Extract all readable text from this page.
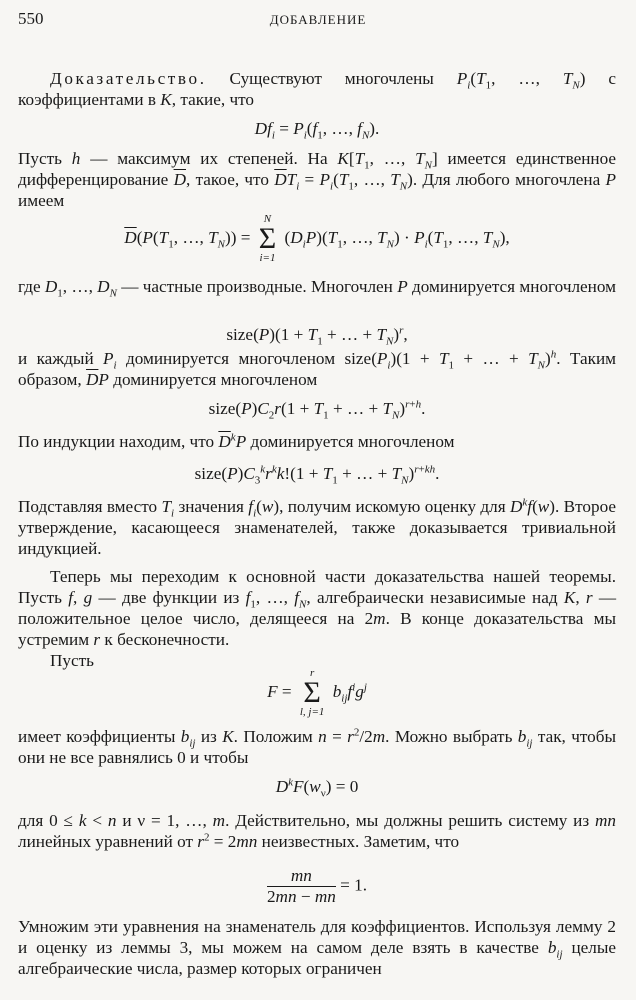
550	ДОБАВЛЕНИЕ

Доказательство. Существуют многочлены $P_i(T_1$, …, $T_N$) с коэффициентами в K, такие, что

$Df_i = P_i(f_1$, …, $f_N$).

Пусть h — максимум их степеней. На $K[T_1$, …, $T_N$] имеется единственное дифференцирование $\overline{D}$, такое, что $\overline{D}T_i = P_i(T_1$, …, $T_N$). Для любого многочлена P имеем

$\overline{D}(P(T_1$, …, $T_N$)) =
N
Σ
i=1
$(D_iP)(T_1$, …, $T_N) \cdot P_i(T_1$, …, $T_N$),

где $D_1$, …, $D_N$ — частные производные. Многочлен P доминируется многочленом

size(P)(1 + $T_1$ + … + $T_N)^r$,

и каждый $P_i$ доминируется многочленом $size(P_i)(1 + T_1$ + … + $T_N)^h$. Таким образом, $\overline{D}P$ доминируется многочленом

$size(P)C_2r(1 + T_1$ + … + $T_N)^{r+h}$.

По индукции находим, что $\overline{D}^kP$ доминируется многочленом

$size(P)C_3^kr^kk!(1 + T_1$ + … + $T_N)^{r+kh}$.

Подставляя вместо $T_i$ значения $f_i(w)$, получим искомую оценку для $D^kf(w)$. Второе утверждение, касающееся знаменателей, также доказывается тривиальной индукцией.

Теперь мы переходим к основной части доказательства нашей теоремы. Пусть f, g — две функции из $f_1$, …, $f_N$, алгебраически независимые над K, r — положительное целое число, делящееся на 2m. В конце доказательства мы устремим r к бесконечности.

Пусть

F =
r
Σ
l, j=1
$b_{ij}f^ig^j$

имеет коэффициенты $b_{ij}$ из K. Положим $n = r^2/2m$. Можно выбрать $b_{ij}$ так, чтобы они не все равнялись 0 и чтобы

$D^kF(w_\nu) = 0$

для 0 ≤ k < n и ν = 1, …, m. Действительно, мы должны решить систему из mn линейных уравнений от $r^2 = 2mn$ неизвестных. Заметим, что

$\frac{mn}{2mn - mn} = 1$.

Умножим эти уравнения на знаменатель для коэффициентов. Используя лемму 2 и оценку из леммы 3, мы можем на самом деле взять в качестве $b_{ij}$ целые алгебраические числа, размер которых ограничен
